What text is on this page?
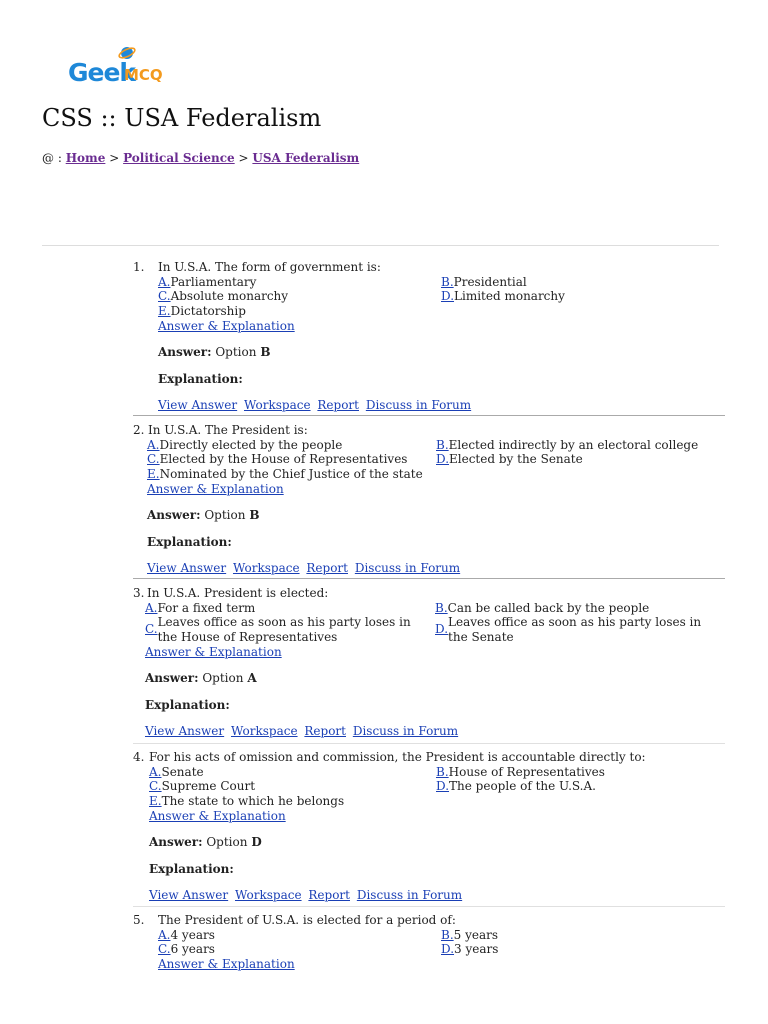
Geek
MCQ
CSS :: USA Federalism
@ : Home > Political Science > USA Federalism
1. In U.S.A. The form of government is:
A.Parliamentary	B.Presidential
C.Absolute monarchy	D.Limited monarchy
E.Dictatorship
Answer & Explanation
Answer: Option B
Explanation:
View Answer Workspace Report Discuss in Forum
2. In U.S.A. The President is:
A.Directly elected by the people	B.Elected indirectly by an electoral college
C.Elected by the House of Representatives D.Elected by the Senate
E.Nominated by the Chief Justice of the state
Answer & Explanation
Answer: Option B
Explanation:
View Answer Workspace Report Discuss in Forum
3. In U.S.A. President is elected:
A.For a fixed term	B.Can be called back by the people
C.Leaves office as soon as his party loses in the House of Representatives
D.Leaves office as soon as his party loses in the Senate
Answer & Explanation
Answer: Option A
Explanation:
View Answer Workspace Report Discuss in Forum
4. For his acts of omission and commission, the President is accountable directly to:
A.Senate	B.House of Representatives
C.Supreme Court	D.The people of the U.S.A.
E.The state to which he belongs
Answer & Explanation
Answer: Option D
Explanation:
View Answer Workspace Report Discuss in Forum
5. The President of U.S.A. is elected for a period of:
A.4 years	B.5 years
C.6 years	D.3 years
Answer & Explanation
